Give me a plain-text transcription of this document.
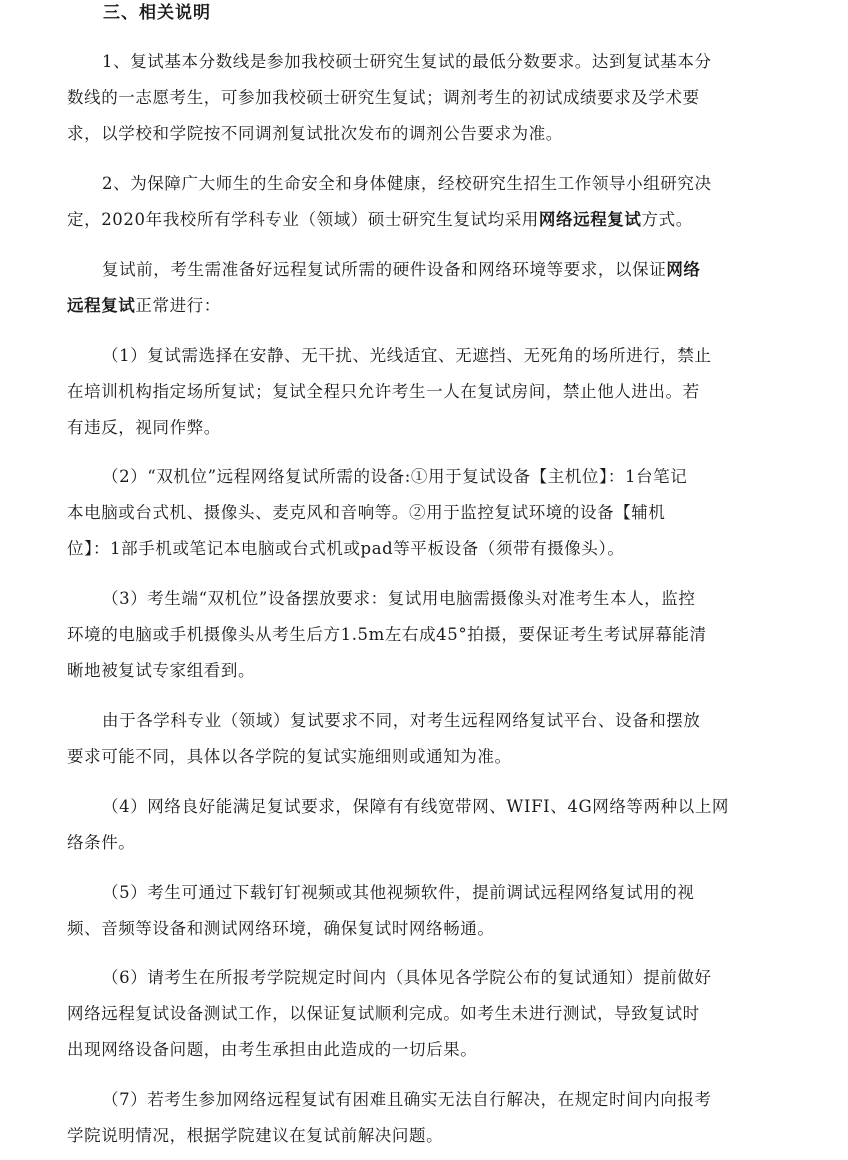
三、相关说明
1、复试基本分数线是参加我校硕士研究生复试的最低分数要求。达到复试基本分
数线的一志愿考生，可参加我校硕士研究生复试；调剂考生的初试成绩要求及学术要
求，以学校和学院按不同调剂复试批次发布的调剂公告要求为准。
2、为保障广大师生的生命安全和身体健康，经校研究生招生工作领导小组研究决
定，2020年我校所有学科专业（领域）硕士研究生复试均采用网络远程复试方式。
复试前，考生需准备好远程复试所需的硬件设备和网络环境等要求，以保证网络
远程复试正常进行：
（1）复试需选择在安静、无干扰、光线适宜、无遮挡、无死角的场所进行，禁止
在培训机构指定场所复试；复试全程只允许考生一人在复试房间，禁止他人进出。若
有违反，视同作弊。
（2）“双机位”远程网络复试所需的设备:①用于复试设备【主机位】：1台笔记
本电脑或台式机、摄像头、麦克风和音响等。②用于监控复试环境的设备【辅机
位】：1部手机或笔记本电脑或台式机或pad等平板设备（须带有摄像头）。
（3）考生端“双机位”设备摆放要求：复试用电脑需摄像头对准考生本人，监控
环境的电脑或手机摄像头从考生后方1.5m左右成45°拍摄，要保证考生考试屏幕能清
晰地被复试专家组看到。
由于各学科专业（领域）复试要求不同，对考生远程网络复试平台、设备和摆放
要求可能不同，具体以各学院的复试实施细则或通知为准。
（4）网络良好能满足复试要求，保障有有线宽带网、WIFI、4G网络等两种以上网
络条件。
（5）考生可通过下载钉钉视频或其他视频软件，提前调试远程网络复试用的视
频、音频等设备和测试网络环境，确保复试时网络畅通。
（6）请考生在所报考学院规定时间内（具体见各学院公布的复试通知）提前做好
网络远程复试设备测试工作，以保证复试顺利完成。如考生未进行测试，导致复试时
出现网络设备问题，由考生承担由此造成的一切后果。
（7）若考生参加网络远程复试有困难且确实无法自行解决，在规定时间内向报考
学院说明情况，根据学院建议在复试前解决问题。
